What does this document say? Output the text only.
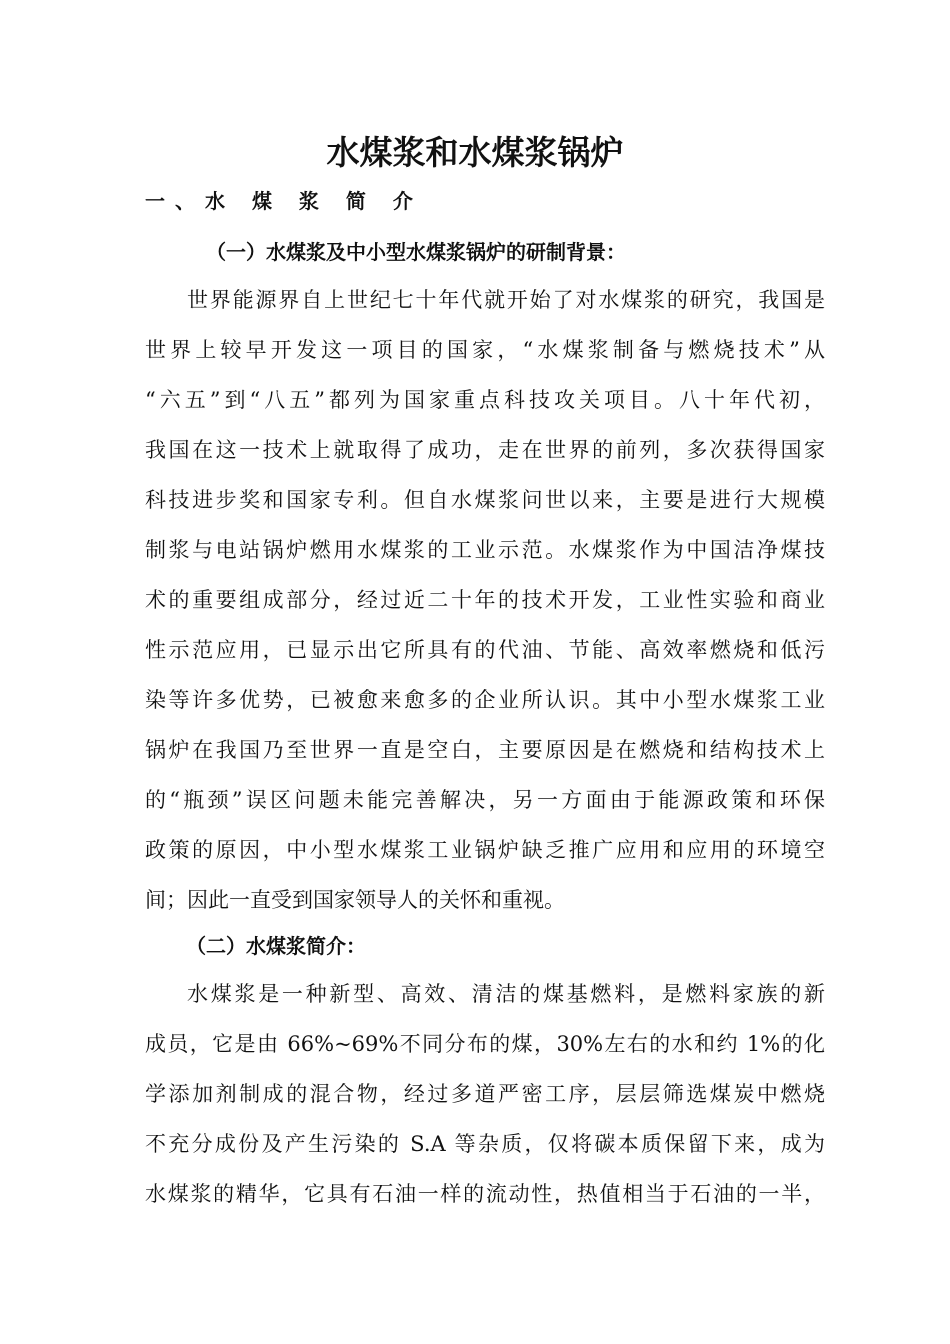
水煤浆和水煤浆锅炉
一、水 煤 浆 简 介
（一）水煤浆及中小型水煤浆锅炉的研制背景：
世界能源界自上世纪七十年代就开始了对水煤浆的研究，我国是
世界上较早开发这一项目的国家，“水煤浆制备与燃烧技术”从
“六五”到“八五”都列为国家重点科技攻关项目。八十年代初，
我国在这一技术上就取得了成功，走在世界的前列，多次获得国家
科技进步奖和国家专利。但自水煤浆问世以来，主要是进行大规模
制浆与电站锅炉燃用水煤浆的工业示范。水煤浆作为中国洁净煤技
术的重要组成部分，经过近二十年的技术开发，工业性实验和商业
性示范应用，已显示出它所具有的代油、节能、高效率燃烧和低污
染等许多优势，已被愈来愈多的企业所认识。其中小型水煤浆工业
锅炉在我国乃至世界一直是空白，主要原因是在燃烧和结构技术上
的“瓶颈”误区问题未能完善解决，另一方面由于能源政策和环保
政策的原因，中小型水煤浆工业锅炉缺乏推广应用和应用的环境空
间；因此一直受到国家领导人的关怀和重视。
（二）水煤浆简介：
水煤浆是一种新型、高效、清洁的煤基燃料，是燃料家族的新
成员，它是由 66%~69%不同分布的煤，30%左右的水和约 1%的化
学添加剂制成的混合物，经过多道严密工序，层层筛选煤炭中燃烧
不充分成份及产生污染的 S.A 等杂质，仅将碳本质保留下来，成为
水煤浆的精华，它具有石油一样的流动性，热值相当于石油的一半，
